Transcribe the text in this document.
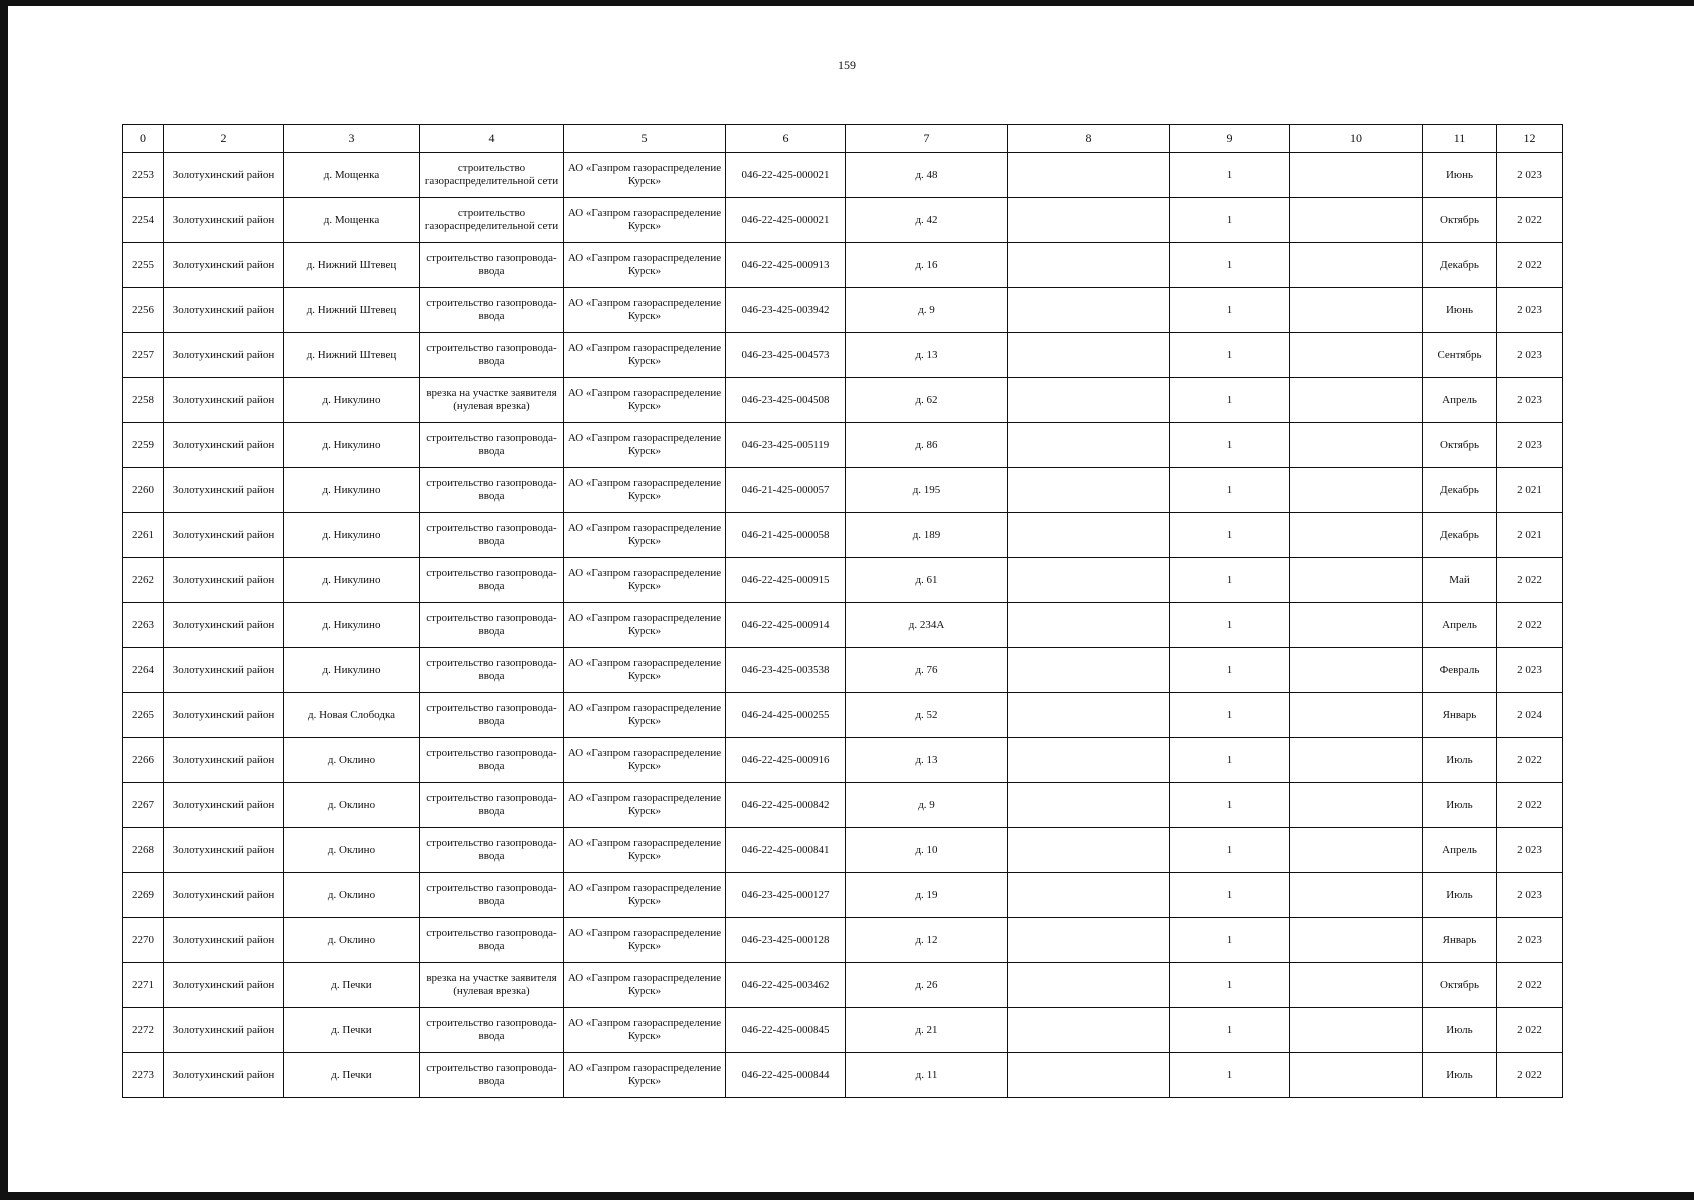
159
0	2	3	4	5	6	7	8	9	10	11	12
2253	Золотухинский район	д. Мощенка	строительство газораспределительной сети	АО «Газпром газораспределение Курск»	046-22-425-000021	д. 48		1		Июнь	2 023
2254	Золотухинский район	д. Мощенка	строительство газораспределительной сети	АО «Газпром газораспределение Курск»	046-22-425-000021	д. 42		1		Октябрь	2 022
2255	Золотухинский район	д. Нижний Штевец	строительство газопровода-ввода	АО «Газпром газораспределение Курск»	046-22-425-000913	д. 16		1		Декабрь	2 022
2256	Золотухинский район	д. Нижний Штевец	строительство газопровода-ввода	АО «Газпром газораспределение Курск»	046-23-425-003942	д. 9		1		Июнь	2 023
2257	Золотухинский район	д. Нижний Штевец	строительство газопровода-ввода	АО «Газпром газораспределение Курск»	046-23-425-004573	д. 13		1		Сентябрь	2 023
2258	Золотухинский район	д. Никулино	врезка на участке заявителя (нулевая врезка)	АО «Газпром газораспределение Курск»	046-23-425-004508	д. 62		1		Апрель	2 023
2259	Золотухинский район	д. Никулино	строительство газопровода-ввода	АО «Газпром газораспределение Курск»	046-23-425-005119	д. 86		1		Октябрь	2 023
2260	Золотухинский район	д. Никулино	строительство газопровода-ввода	АО «Газпром газораспределение Курск»	046-21-425-000057	д. 195		1		Декабрь	2 021
2261	Золотухинский район	д. Никулино	строительство газопровода-ввода	АО «Газпром газораспределение Курск»	046-21-425-000058	д. 189		1		Декабрь	2 021
2262	Золотухинский район	д. Никулино	строительство газопровода-ввода	АО «Газпром газораспределение Курск»	046-22-425-000915	д. 61		1		Май	2 022
2263	Золотухинский район	д. Никулино	строительство газопровода-ввода	АО «Газпром газораспределение Курск»	046-22-425-000914	д. 234А		1		Апрель	2 022
2264	Золотухинский район	д. Никулино	строительство газопровода-ввода	АО «Газпром газораспределение Курск»	046-23-425-003538	д. 76		1		Февраль	2 023
2265	Золотухинский район	д. Новая Слободка	строительство газопровода-ввода	АО «Газпром газораспределение Курск»	046-24-425-000255	д. 52		1		Январь	2 024
2266	Золотухинский район	д. Оклино	строительство газопровода-ввода	АО «Газпром газораспределение Курск»	046-22-425-000916	д. 13		1		Июль	2 022
2267	Золотухинский район	д. Оклино	строительство газопровода-ввода	АО «Газпром газораспределение Курск»	046-22-425-000842	д. 9		1		Июль	2 022
2268	Золотухинский район	д. Оклино	строительство газопровода-ввода	АО «Газпром газораспределение Курск»	046-22-425-000841	д. 10		1		Апрель	2 023
2269	Золотухинский район	д. Оклино	строительство газопровода-ввода	АО «Газпром газораспределение Курск»	046-23-425-000127	д. 19		1		Июль	2 023
2270	Золотухинский район	д. Оклино	строительство газопровода-ввода	АО «Газпром газораспределение Курск»	046-23-425-000128	д. 12		1		Январь	2 023
2271	Золотухинский район	д. Печки	врезка на участке заявителя (нулевая врезка)	АО «Газпром газораспределение Курск»	046-22-425-003462	д. 26		1		Октябрь	2 022
2272	Золотухинский район	д. Печки	строительство газопровода-ввода	АО «Газпром газораспределение Курск»	046-22-425-000845	д. 21		1		Июль	2 022
2273	Золотухинский район	д. Печки	строительство газопровода-ввода	АО «Газпром газораспределение Курск»	046-22-425-000844	д. 11		1		Июль	2 022
